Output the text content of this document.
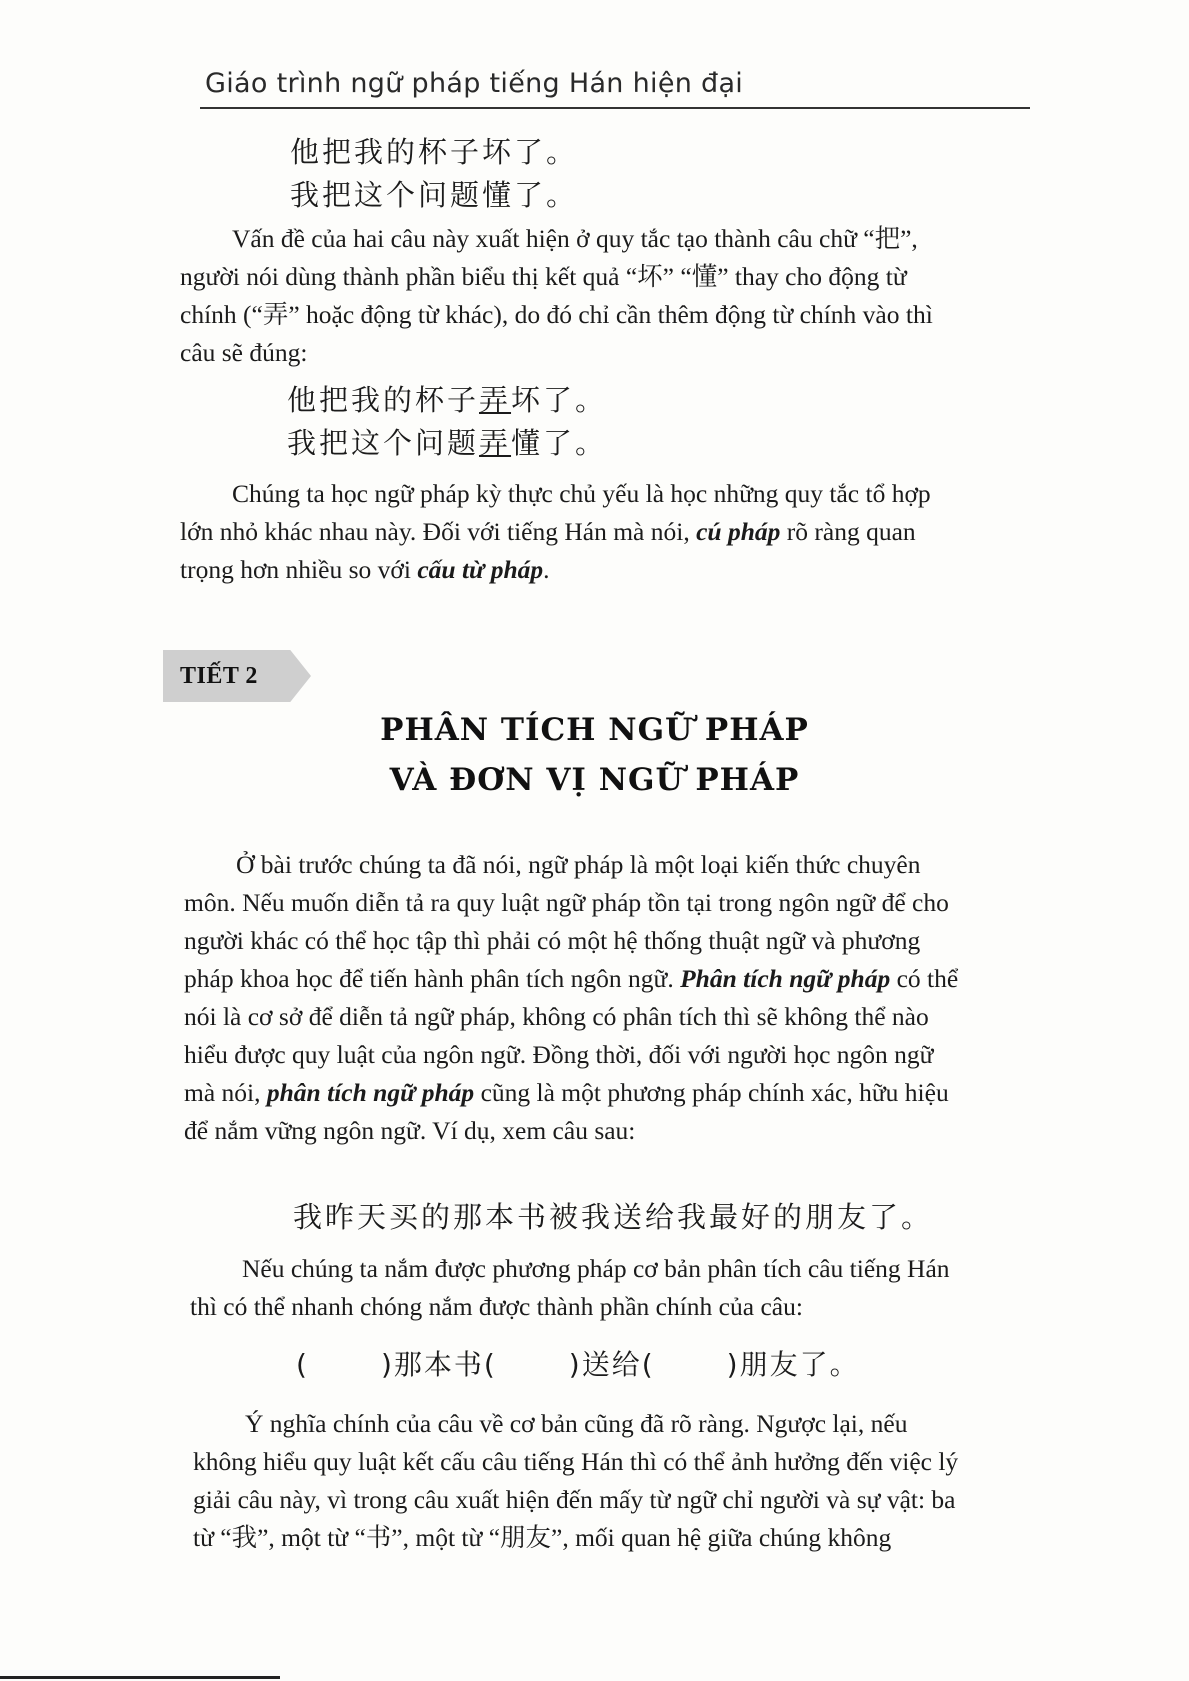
Giáo trình ngữ pháp tiếng Hán hiện đại
他把我的杯子坏了。
我把这个问题懂了。
Vấn đề của hai câu này xuất hiện ở quy tắc tạo thành câu chữ “把”,
người nói dùng thành phần biểu thị kết quả “坏” “懂” thay cho động từ
chính (“弄” hoặc động từ khác), do đó chỉ cần thêm động từ chính vào thì
câu sẽ đúng:
他把我的杯子弄坏了。
我把这个问题弄懂了。
Chúng ta học ngữ pháp kỳ thực chủ yếu là học những quy tắc tổ hợp
lớn nhỏ khác nhau này. Đối với tiếng Hán mà nói, cú pháp rõ ràng quan
trọng hơn nhiều so với cấu từ pháp.
TIẾT 2
PHÂN TÍCH NGỮ PHÁP
VÀ ĐƠN VỊ NGỮ PHÁP
Ở bài trước chúng ta đã nói, ngữ pháp là một loại kiến thức chuyên
môn. Nếu muốn diễn tả ra quy luật ngữ pháp tồn tại trong ngôn ngữ để cho
người khác có thể học tập thì phải có một hệ thống thuật ngữ và phương
pháp khoa học để tiến hành phân tích ngôn ngữ. Phân tích ngữ pháp có thể
nói là cơ sở để diễn tả ngữ pháp, không có phân tích thì sẽ không thể nào
hiểu được quy luật của ngôn ngữ. Đồng thời, đối với người học ngôn ngữ
mà nói, phân tích ngữ pháp cũng là một phương pháp chính xác, hữu hiệu
để nắm vững ngôn ngữ. Ví dụ, xem câu sau:
我昨天买的那本书被我送给我最好的朋友了。
Nếu chúng ta nắm được phương pháp cơ bản phân tích câu tiếng Hán
thì có thể nhanh chóng nắm được thành phần chính của câu:
(	)那本书(	)送给(	)朋友了。
Ý nghĩa chính của câu về cơ bản cũng đã rõ ràng. Ngược lại, nếu
không hiểu quy luật kết cấu câu tiếng Hán thì có thể ảnh hưởng đến việc lý
giải câu này, vì trong câu xuất hiện đến mấy từ ngữ chỉ người và sự vật: ba
từ “我”, một từ “书”, một từ “朋友”, mối quan hệ giữa chúng không
